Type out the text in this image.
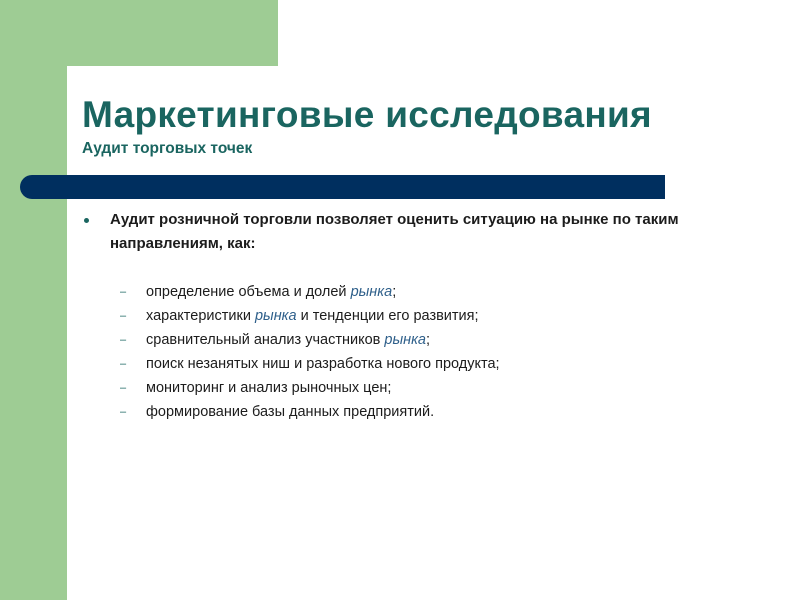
Маркетинговые исследования
Аудит торговых точек
Аудит розничной торговли позволяет оценить ситуацию на рынке по таким направлениям, как:
– определение объема и долей рынка;
– характеристики рынка и тенденции его развития;
– сравнительный анализ участников рынка;
– поиск незанятых ниш и разработка нового продукта;
– мониторинг и анализ рыночных цен;
– формирование базы данных предприятий.
